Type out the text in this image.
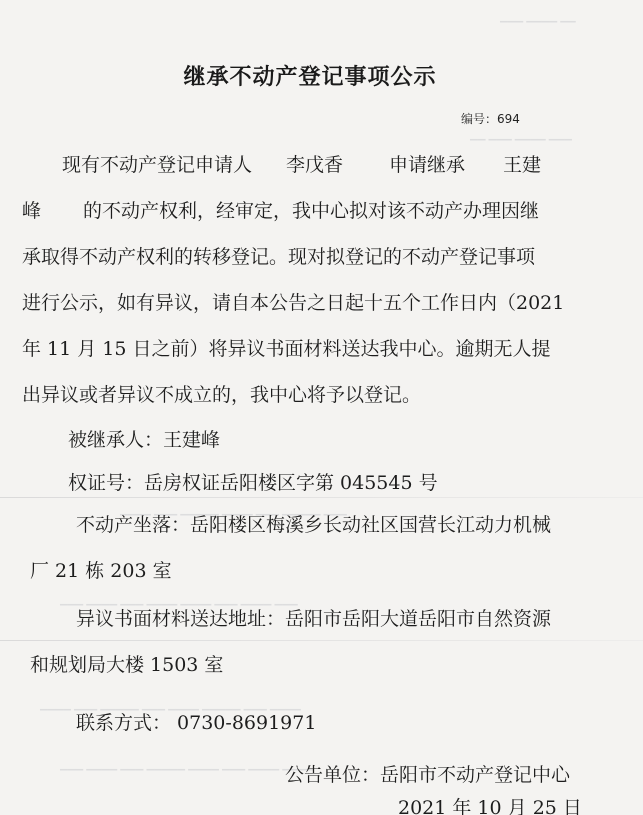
▁▁▁ ▁▁▁▁ ▁▁
▁▁ ▁▁▁ ▁▁▁▁ ▁▁▁
▁▁▁▁ ▁▁▁ ▁▁▁▁▁ ▁▁▁▁ ▁▁▁ ▁▁▁▁▁ ▁▁▁
▁▁▁ ▁▁▁▁ ▁▁▁ ▁▁▁▁ ▁▁▁▁ ▁▁▁ ▁▁▁▁ ▁▁▁
▁▁▁▁ ▁▁▁ ▁▁▁▁▁ ▁▁▁ ▁▁▁▁ ▁▁▁▁▁ ▁▁▁ ▁▁▁▁
▁▁▁ ▁▁▁▁ ▁▁▁ ▁▁▁▁▁ ▁▁▁▁ ▁▁▁ ▁▁▁▁ ▁▁▁▁
继承不动产登记事项公示
编号：694
现有不动产登记申请人 李戊香 申请继承 王建
峰 的不动产权利，经审定，我中心拟对该不动产办理因继
承取得不动产权利的转移登记。现对拟登记的不动产登记事项
进行公示，如有异议，请自本公告之日起十五个工作日内（2021
年 11 月 15 日之前）将异议书面材料送达我中心。逾期无人提
出异议或者异议不成立的，我中心将予以登记。
被继承人：王建峰
权证号：岳房权证岳阳楼区字第 045545 号
不动产坐落：岳阳楼区梅溪乡长动社区国营长江动力机械
厂 21 栋 203 室
异议书面材料送达地址：岳阳市岳阳大道岳阳市自然资源
和规划局大楼 1503 室
联系方式： 0730-8691971
公告单位：岳阳市不动产登记中心
2021 年 10 月 25 日
